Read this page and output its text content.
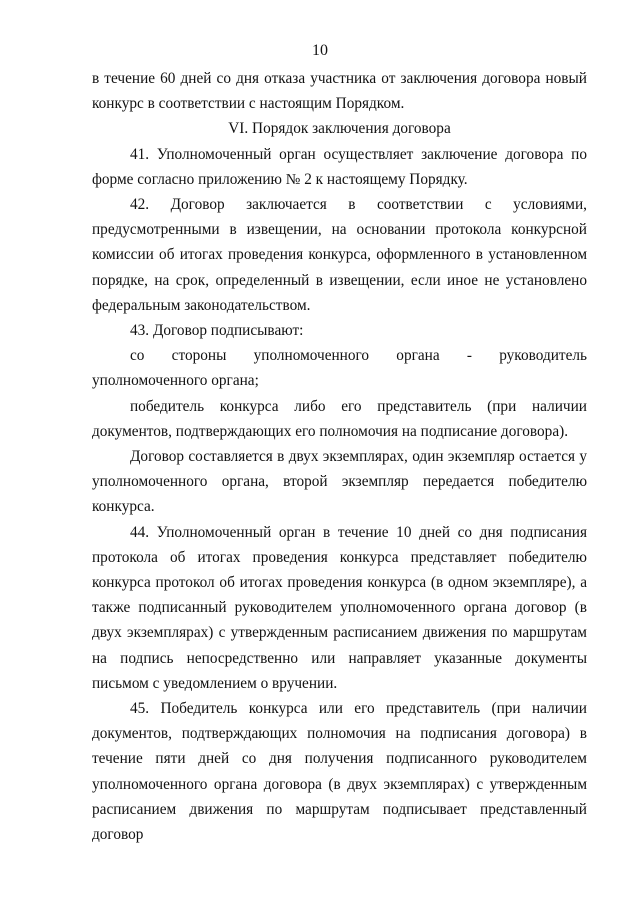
10

в течение 60 дней со дня отказа участника от заключения договора новый конкурс в соответствии с настоящим Порядком.

VI. Порядок заключения договора

41. Уполномоченный орган осуществляет заключение договора по форме согласно приложению № 2 к настоящему Порядку.

42. Договор заключается в соответствии с условиями, предусмотренными в извещении, на основании протокола конкурсной комиссии об итогах проведения конкурса, оформленного в установленном порядке, на срок, определенный в извещении, если иное не установлено федеральным законодательством.

43. Договор подписывают:

со стороны уполномоченного органа - руководитель уполномоченного органа;

победитель конкурса либо его представитель (при наличии документов, подтверждающих его полномочия на подписание договора).

Договор составляется в двух экземплярах, один экземпляр остается у уполномоченного органа, второй экземпляр передается победителю конкурса.

44. Уполномоченный орган в течение 10 дней со дня подписания протокола об итогах проведения конкурса представляет победителю конкурса протокол об итогах проведения конкурса (в одном экземпляре), а также подписанный руководителем уполномоченного органа договор (в двух экземплярах) с утвержденным расписанием движения по маршрутам на подпись непосредственно или направляет указанные документы письмом с уведомлением о вручении.

45. Победитель конкурса или его представитель (при наличии документов, подтверждающих полномочия на подписания договора) в течение пяти дней со дня получения подписанного руководителем уполномоченного органа договора (в двух экземплярах) с утвержденным расписанием движения по маршрутам подписывает представленный договор
